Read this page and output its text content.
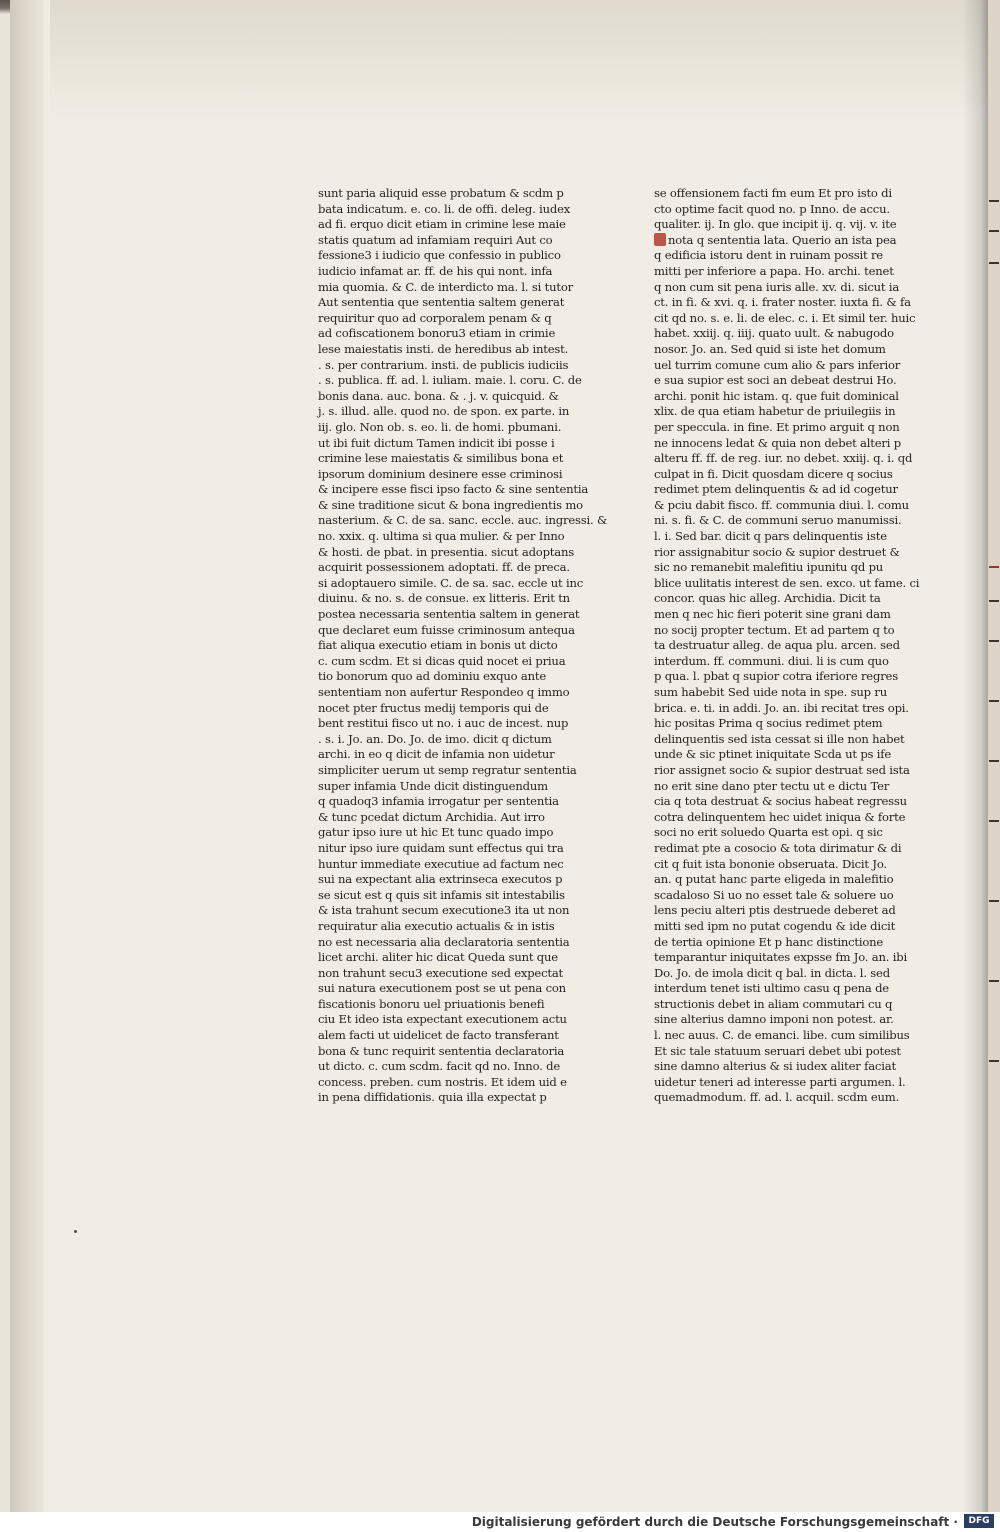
sunt paria aliquid esse probatum & scdm p
bata indicatum. e. co. li. de offi. deleg. iudex
ad fi. erquo dicit etiam in crimine lese maie
statis quatum ad infamiam requiri Aut co
fessione3 i iudicio que confessio in publico
iudicio infamat ar. ff. de his qui nont. infa
mia quomia. & C. de interdicto ma. l. si tutor
Aut sententia que sententia saltem generat
requiritur quo ad corporalem penam & q
ad cofiscationem bonoru3 etiam in crimie
lese maiestatis insti. de heredibus ab intest.
. s. per contrarium. insti. de publicis iudiciis
. s. publica. ff. ad. l. iuliam. maie. l. coru. C. de
bonis dana. auc. bona. & . j. v. quicquid. &
j. s. illud. alle. quod no. de spon. ex parte. in
iij. glo. Non ob. s. eo. li. de homi. pbumani.
ut ibi fuit dictum Tamen indicit ibi posse i
crimine lese maiestatis & similibus bona et
ipsorum dominium desinere esse criminosi
& incipere esse fisci ipso facto & sine sententia
& sine traditione sicut & bona ingredientis mo
nasterium. & C. de sa. sanc. eccle. auc. ingressi. &
no. xxix. q. ultima si qua mulier. & per Inno
& hosti. de pbat. in presentia. sicut adoptans
acquirit possessionem adoptati. ff. de preca.
si adoptauero simile. C. de sa. sac. eccle ut inc
diuinu. & no. s. de consue. ex litteris. Erit tn
postea necessaria sententia saltem in generat
que declaret eum fuisse criminosum antequa
fiat aliqua executio etiam in bonis ut dicto
c. cum scdm. Et si dicas quid nocet ei priua
tio bonorum quo ad dominiu exquo ante
sententiam non aufertur Respondeo q immo
nocet pter fructus medij temporis qui de
bent restitui fisco ut no. i auc de incest. nup
. s. i. Jo. an. Do. Jo. de imo. dicit q dictum
archi. in eo q dicit de infamia non uidetur
simpliciter uerum ut semp regratur sententia
super infamia Unde dicit distinguendum
q quadoq3 infamia irrogatur per sententia
& tunc pcedat dictum Archidia. Aut irro
gatur ipso iure ut hic Et tunc quado impo
nitur ipso iure quidam sunt effectus qui tra
huntur immediate executiue ad factum nec
sui na expectant alia extrinseca executos p
se sicut est q quis sit infamis sit intestabilis
& ista trahunt secum executione3 ita ut non
requiratur alia executio actualis & in istis
no est necessaria alia declaratoria sententia
licet archi. aliter hic dicat Queda sunt que
non trahunt secu3 executione sed expectat
sui natura executionem post se ut pena con
fiscationis bonoru uel priuationis benefi
ciu Et ideo ista expectant executionem actu
alem facti ut uidelicet de facto transferant
bona & tunc requirit sententia declaratoria
ut dicto. c. cum scdm. facit qd no. Inno. de
concess. preben. cum nostris. Et idem uid e
in pena diffidationis. quia illa expectat p
se offensionem facti fm eum Et pro isto di
cto optime facit quod no. p Inno. de accu.
qualiter. ij. In glo. que incipit ij. q. vij. v. ite
nota q sententia lata. Querio an ista pea
q edificia istoru dent in ruinam possit re
mitti per inferiore a papa. Ho. archi. tenet
q non cum sit pena iuris alle. xv. di. sicut ia
ct. in fi. & xvi. q. i. frater noster. iuxta fi. & fa
cit qd no. s. e. li. de elec. c. i. Et simil ter. huic
habet. xxiij. q. iiij. quato uult. & nabugodo
nosor. Jo. an. Sed quid si iste het domum
uel turrim comune cum alio & pars inferior
e sua supior est soci an debeat destrui Ho.
archi. ponit hic istam. q. que fuit dominical
xlix. de qua etiam habetur de priuilegiis in
per speccula. in fine. Et primo arguit q non
ne innocens ledat & quia non debet alteri p
alteru ff. ff. de reg. iur. no debet. xxiij. q. i. qd
culpat in fi. Dicit quosdam dicere q socius
redimet ptem delinquentis & ad id cogetur
& pciu dabit fisco. ff. communia diui. l. comu
ni. s. fi. & C. de communi seruo manumissi.
l. i. Sed bar. dicit q pars delinquentis iste
rior assignabitur socio & supior destruet &
sic no remanebit malefitiu ipunitu qd pu
blice uulitatis interest de sen. exco. ut fame. ci
concor. quas hic alleg. Archidia. Dicit ta
men q nec hic fieri poterit sine grani dam
no socij propter tectum. Et ad partem q to
ta destruatur alleg. de aqua plu. arcen. sed
interdum. ff. communi. diui. li is cum quo
p qua. l. pbat q supior cotra iferiore regres
sum habebit Sed uide nota in spe. sup ru
brica. e. ti. in addi. Jo. an. ibi recitat tres opi.
hic positas Prima q socius redimet ptem
delinquentis sed ista cessat si ille non habet
unde & sic ptinet iniquitate Scda ut ps ife
rior assignet socio & supior destruat sed ista
no erit sine dano pter tectu ut e dictu Ter
cia q tota destruat & socius habeat regressu
cotra delinquentem hec uidet iniqua & forte
soci no erit soluedo Quarta est opi. q sic
redimat pte a cosocio & tota dirimatur & di
cit q fuit ista bononie obseruata. Dicit Jo.
an. q putat hanc parte eligeda in malefitio
scadaloso Si uo no esset tale & soluere uo
lens peciu alteri ptis destruede deberet ad
mitti sed ipm no putat cogendu & ide dicit
de tertia opinione Et p hanc distinctione
temparantur iniquitates expsse fm Jo. an. ibi
Do. Jo. de imola dicit q bal. in dicta. l. sed
interdum tenet isti ultimo casu q pena de
structionis debet in aliam commutari cu q
sine alterius damno imponi non potest. ar.
l. nec auus. C. de emanci. libe. cum similibus
Et sic tale statuum seruari debet ubi potest
sine damno alterius & si iudex aliter faciat
uidetur teneri ad interesse parti argumen. l.
quemadmodum. ff. ad. l. acquil. scdm eum.
Digitalisierung gefördert durch die Deutsche Forschungsgemeinschaft ·	DFG
